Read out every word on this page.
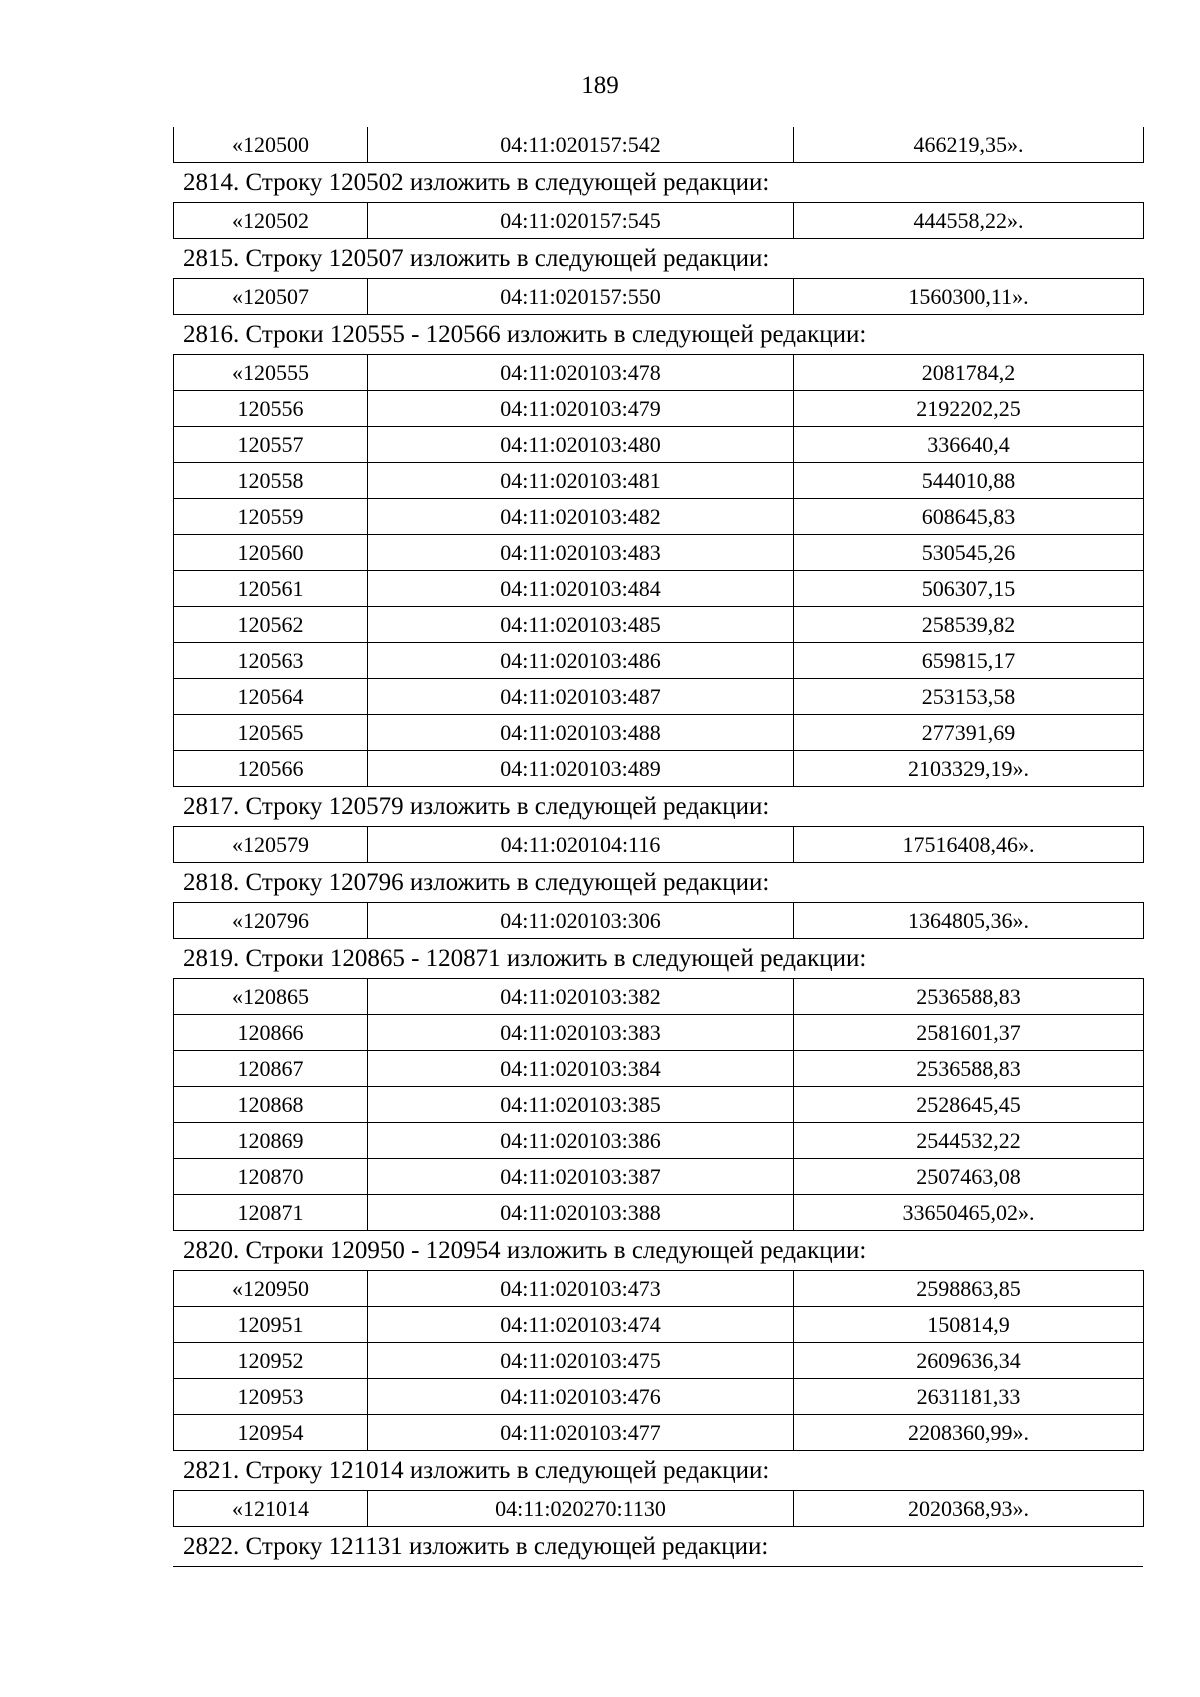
189
«120500	04:11:020157:542	466219,35».
2814. Строку 120502 изложить в следующей редакции:
«120502	04:11:020157:545	444558,22».
2815. Строку 120507 изложить в следующей редакции:
«120507	04:11:020157:550	1560300,11».
2816. Строки 120555 - 120566 изложить в следующей редакции:
«120555	04:11:020103:478	2081784,2
120556	04:11:020103:479	2192202,25
120557	04:11:020103:480	336640,4
120558	04:11:020103:481	544010,88
120559	04:11:020103:482	608645,83
120560	04:11:020103:483	530545,26
120561	04:11:020103:484	506307,15
120562	04:11:020103:485	258539,82
120563	04:11:020103:486	659815,17
120564	04:11:020103:487	253153,58
120565	04:11:020103:488	277391,69
120566	04:11:020103:489	2103329,19».
2817. Строку 120579 изложить в следующей редакции:
«120579	04:11:020104:116	17516408,46».
2818. Строку 120796 изложить в следующей редакции:
«120796	04:11:020103:306	1364805,36».
2819. Строки 120865 - 120871 изложить в следующей редакции:
«120865	04:11:020103:382	2536588,83
120866	04:11:020103:383	2581601,37
120867	04:11:020103:384	2536588,83
120868	04:11:020103:385	2528645,45
120869	04:11:020103:386	2544532,22
120870	04:11:020103:387	2507463,08
120871	04:11:020103:388	33650465,02».
2820. Строки 120950 - 120954 изложить в следующей редакции:
«120950	04:11:020103:473	2598863,85
120951	04:11:020103:474	150814,9
120952	04:11:020103:475	2609636,34
120953	04:11:020103:476	2631181,33
120954	04:11:020103:477	2208360,99».
2821. Строку 121014 изложить в следующей редакции:
«121014	04:11:020270:1130	2020368,93».
2822. Строку 121131 изложить в следующей редакции:
